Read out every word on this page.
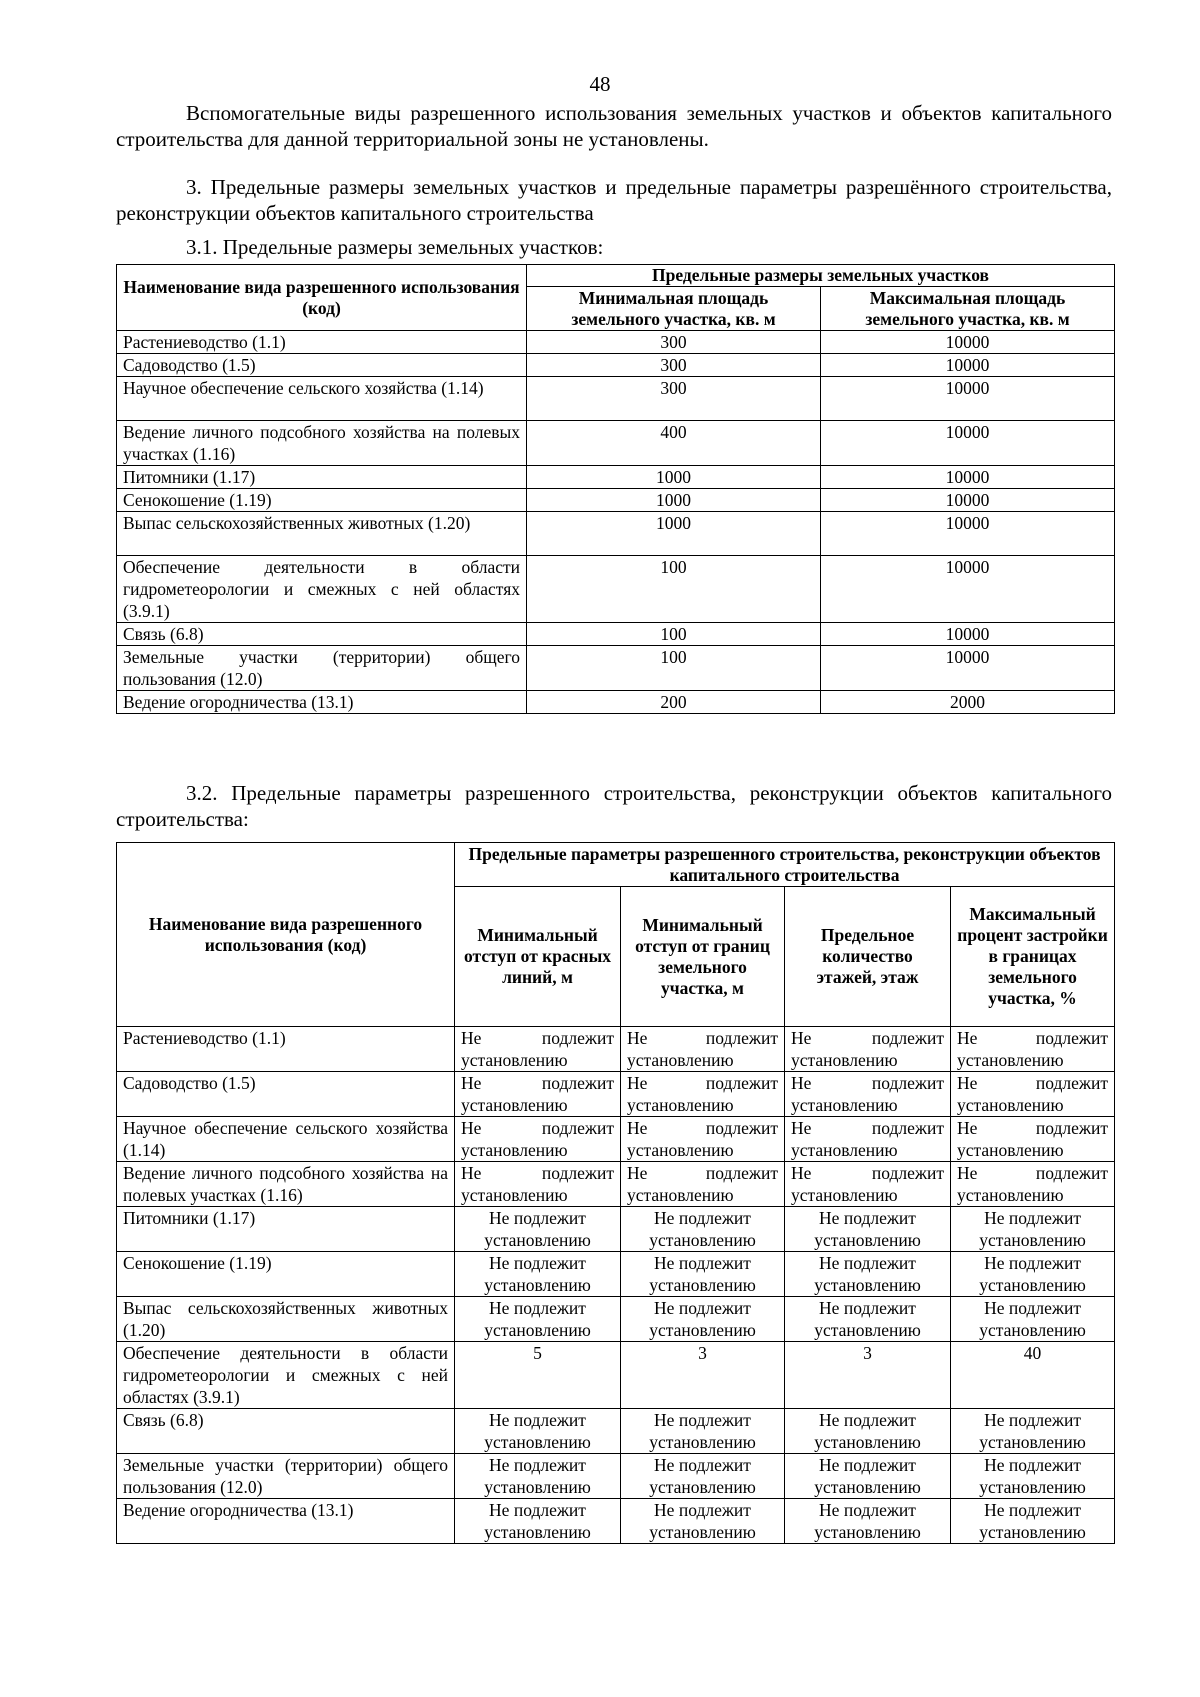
48

Вспомогательные виды разрешенного использования земельных участков и объектов капитального строительства для данной территориальной зоны не установлены.

3. Предельные размеры земельных участков и предельные параметры разрешённого строительства, реконструкции объектов капитального строительства

3.1. Предельные размеры земельных участков:

Наименование вида разрешенного использования (код)	Предельные размеры земельных участков	
	Минимальная площадь земельного участка, кв. м	Максимальная площадь земельного участка, кв. м
Растениеводство (1.1)	300	10000
Садоводство (1.5)	300	10000
Научное обеспечение сельского хозяйства (1.14)	300	10000
Ведение личного подсобного хозяйства на полевых участках (1.16)	400	10000
Питомники (1.17)	1000	10000
Сенокошение (1.19)	1000	10000
Выпас сельскохозяйственных животных (1.20)	1000	10000
Обеспечение деятельности в области гидрометеорологии и смежных с ней областях (3.9.1)	100	10000
Связь (6.8)	100	10000
Земельные участки (территории) общего пользования (12.0)	100	10000
Ведение огородничества (13.1)	200	2000

3.2. Предельные параметры разрешенного строительства, реконструкции объектов капитального строительства:

Наименование вида разрешенного использования (код)	Предельные параметры разрешенного строительства, реконструкции объектов капитального строительства			
	Минимальный отступ от красных линий, м	Минимальный отступ от границ земельного участка, м	Предельное количество этажей, этаж	Максимальный процент застройки в границах земельного участка, %
Растениеводство (1.1)	Не подлежит установлению	Не подлежит установлению	Не подлежит установлению	Не подлежит установлению
Садоводство (1.5)	Не подлежит установлению	Не подлежит установлению	Не подлежит установлению	Не подлежит установлению
Научное обеспечение сельского хозяйства (1.14)	Не подлежит установлению	Не подлежит установлению	Не подлежит установлению	Не подлежит установлению
Ведение личного подсобного хозяйства на полевых участках (1.16)	Не подлежит установлению	Не подлежит установлению	Не подлежит установлению	Не подлежит установлению
Питомники (1.17)	Не подлежит установлению	Не подлежит установлению	Не подлежит установлению	Не подлежит установлению
Сенокошение (1.19)	Не подлежит установлению	Не подлежит установлению	Не подлежит установлению	Не подлежит установлению
Выпас сельскохозяйственных животных (1.20)	Не подлежит установлению	Не подлежит установлению	Не подлежит установлению	Не подлежит установлению
Обеспечение деятельности в области гидрометеорологии и смежных с ней областях (3.9.1)	5	3	3	40
Связь (6.8)	Не подлежит установлению	Не подлежит установлению	Не подлежит установлению	Не подлежит установлению
Земельные участки (территории) общего пользования (12.0)	Не подлежит установлению	Не подлежит установлению	Не подлежит установлению	Не подлежит установлению
Ведение огородничества (13.1)	Не подлежит установлению	Не подлежит установлению	Не подлежит установлению	Не подлежит установлению
